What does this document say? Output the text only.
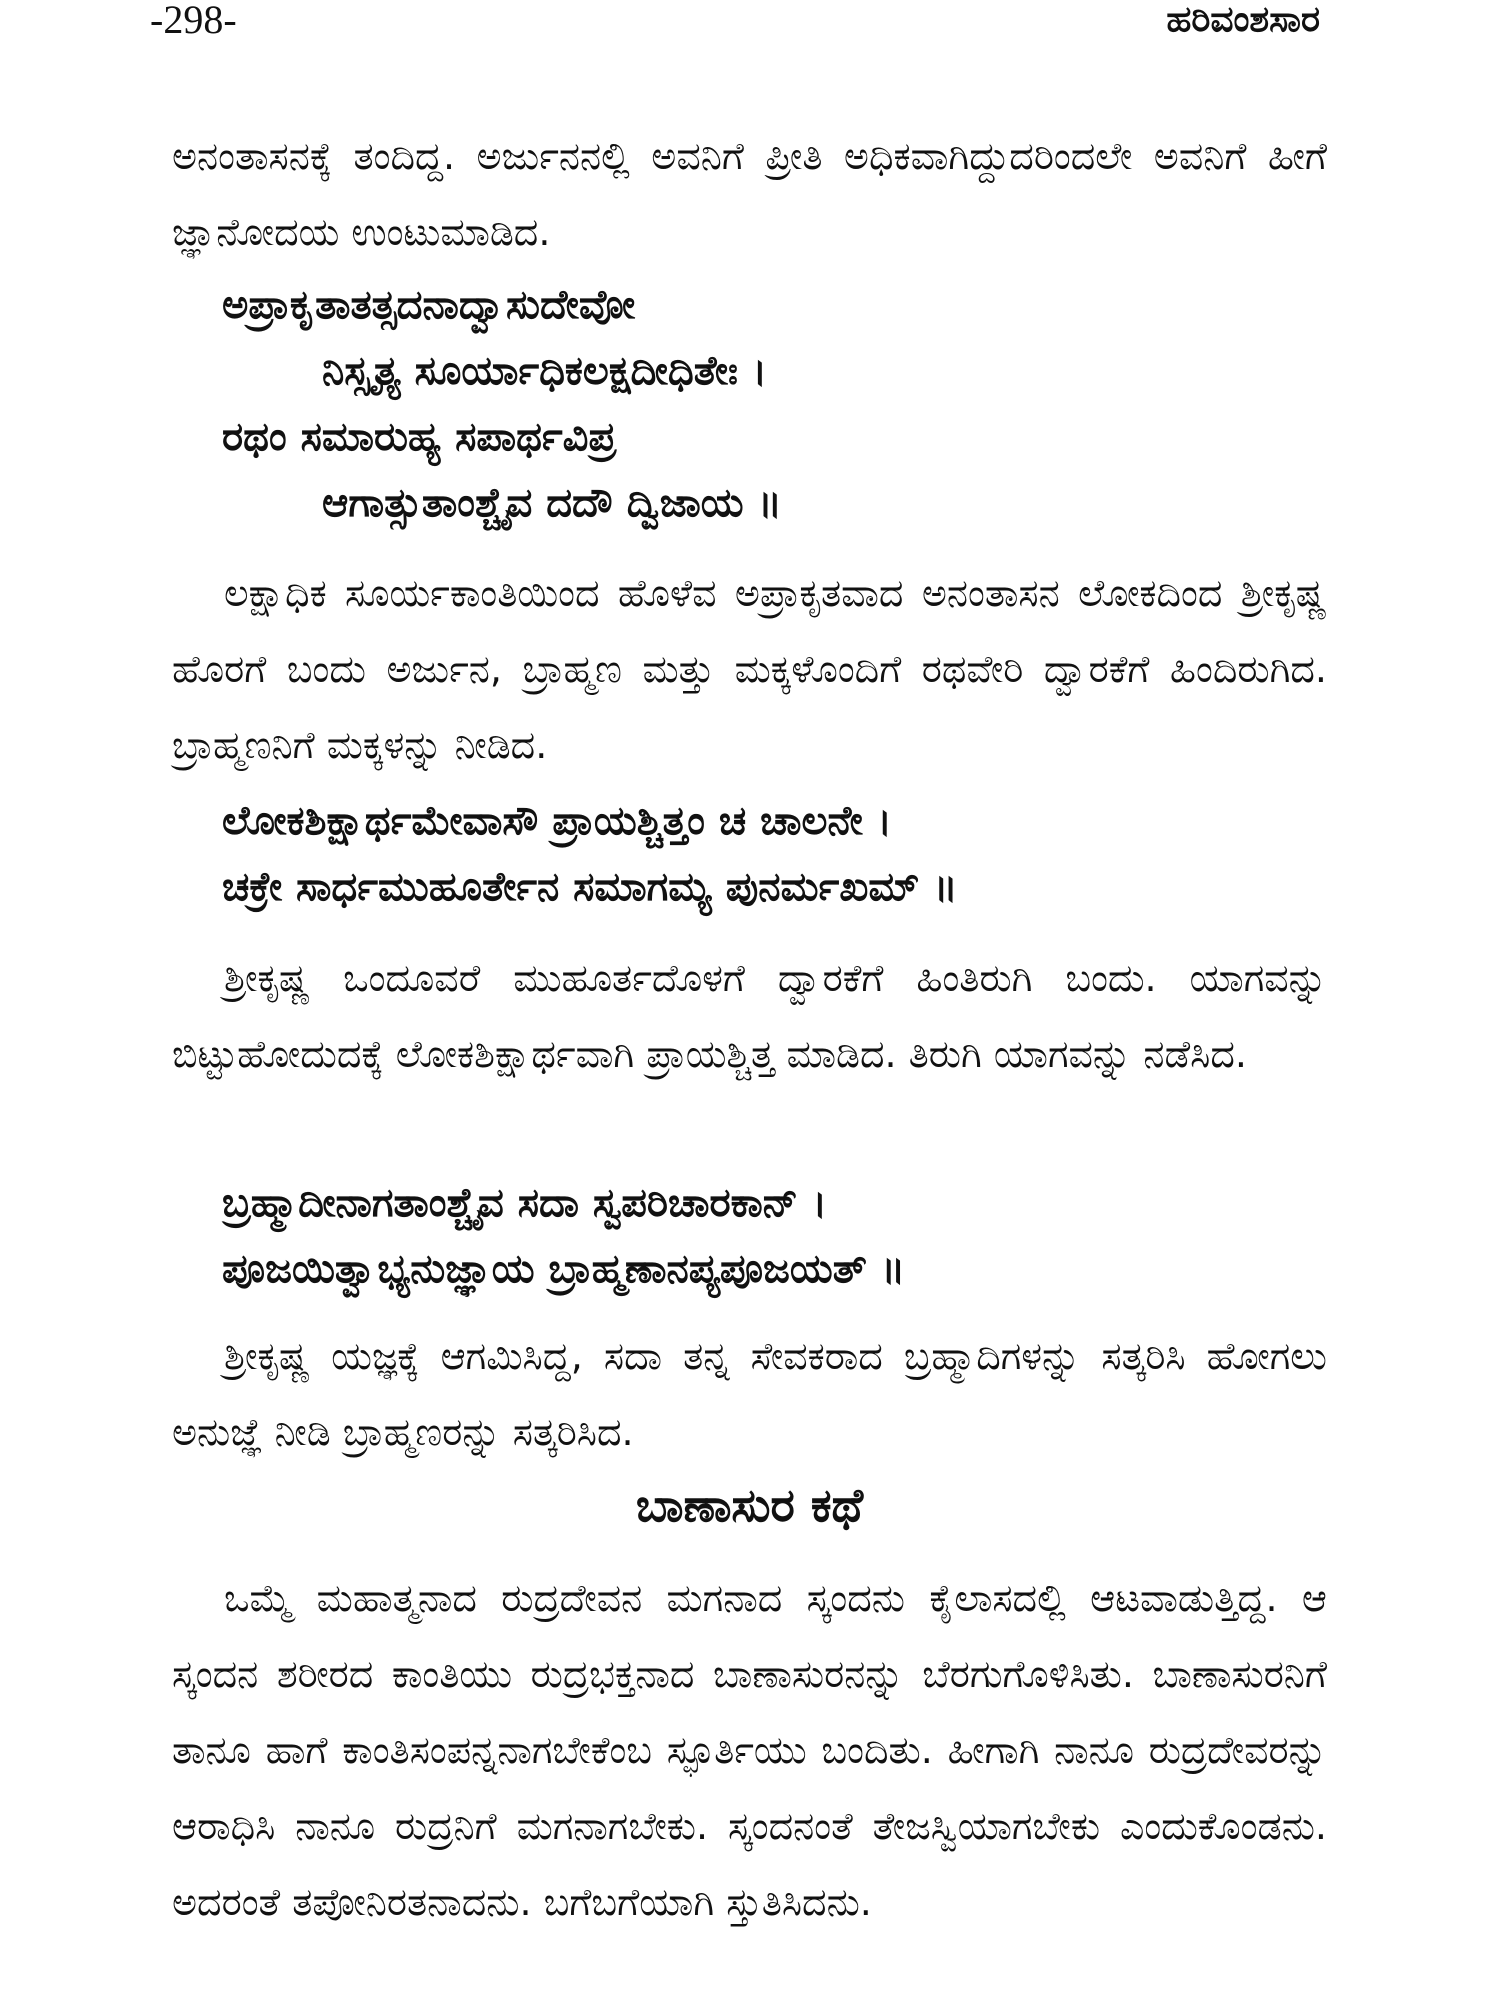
-298-	ಹರಿವಂಶಸಾರ

ಅನಂತಾಸನಕ್ಕೆ ತಂದಿದ್ದ. ಅರ್ಜುನನಲ್ಲಿ ಅವನಿಗೆ ಪ್ರೀತಿ ಅಧಿಕವಾಗಿದ್ದುದರಿಂದಲೇ ಅವನಿಗೆ ಹೀಗೆ ಜ್ಞಾನೋದಯ ಉಂಟುಮಾಡಿದ.

ಅಪ್ರಾಕೃತಾತತ್ಸದನಾದ್ವಾಸುದೇವೋ
ನಿಸ್ಸೃತ್ಯ ಸೂರ್ಯಾಧಿಕಲಕ್ಷದೀಧಿತೇಃ ।
ರಥಂ ಸಮಾರುಹ್ಯ ಸಪಾರ್ಥವಿಪ್ರ
ಆಗಾತ್ಸುತಾಂಶ್ಚೈವ ದದೌ ದ್ವಿಜಾಯ ॥

ಲಕ್ಷಾಧಿಕ ಸೂರ್ಯಕಾಂತಿಯಿಂದ ಹೊಳೆವ ಅಪ್ರಾಕೃತವಾದ ಅನಂತಾಸನ ಲೋಕದಿಂದ ಶ್ರೀಕೃಷ್ಣ ಹೊರಗೆ ಬಂದು ಅರ್ಜುನ, ಬ್ರಾಹ್ಮಣ ಮತ್ತು ಮಕ್ಕಳೊಂದಿಗೆ ರಥವೇರಿ ದ್ವಾರಕೆಗೆ ಹಿಂದಿರುಗಿದ. ಬ್ರಾಹ್ಮಣನಿಗೆ ಮಕ್ಕಳನ್ನು ನೀಡಿದ.

ಲೋಕಶಿಕ್ಷಾರ್ಥಮೇವಾಸೌ ಪ್ರಾಯಶ್ಚಿತ್ತಂ ಚ ಚಾಲನೇ ।
ಚಕ್ರೇ ಸಾರ್ಧಮುಹೂರ್ತೇನ ಸಮಾಗಮ್ಯ ಪುನರ್ಮಖಮ್ ॥

ಶ್ರೀಕೃಷ್ಣ ಒಂದೂವರೆ ಮುಹೂರ್ತದೊಳಗೆ ದ್ವಾರಕೆಗೆ ಹಿಂತಿರುಗಿ ಬಂದು. ಯಾಗವನ್ನು ಬಿಟ್ಟುಹೋದುದಕ್ಕೆ ಲೋಕಶಿಕ್ಷಾರ್ಥವಾಗಿ ಪ್ರಾಯಶ್ಚಿತ್ತ ಮಾಡಿದ. ತಿರುಗಿ ಯಾಗವನ್ನು ನಡೆಸಿದ.

ಬ್ರಹ್ಮಾದೀನಾಗತಾಂಶ್ಚೈವ ಸದಾ ಸ್ವಪರಿಚಾರಕಾನ್ ।
ಪೂಜಯಿತ್ವಾಭ್ಯನುಜ್ಞಾಯ ಬ್ರಾಹ್ಮಣಾನಪ್ಯಪೂಜಯತ್ ॥

ಶ್ರೀಕೃಷ್ಣ ಯಜ್ಞಕ್ಕೆ ಆಗಮಿಸಿದ್ದ, ಸದಾ ತನ್ನ ಸೇವಕರಾದ ಬ್ರಹ್ಮಾದಿಗಳನ್ನು ಸತ್ಕರಿಸಿ ಹೋಗಲು ಅನುಜ್ಞೆ ನೀಡಿ ಬ್ರಾಹ್ಮಣರನ್ನು ಸತ್ಕರಿಸಿದ.

ಬಾಣಾಸುರ ಕಥೆ

ಒಮ್ಮೆ ಮಹಾತ್ಮನಾದ ರುದ್ರದೇವನ ಮಗನಾದ ಸ್ಕಂದನು ಕೈಲಾಸದಲ್ಲಿ ಆಟವಾಡುತ್ತಿದ್ದ. ಆ ಸ್ಕಂದನ ಶರೀರದ ಕಾಂತಿಯು ರುದ್ರಭಕ್ತನಾದ ಬಾಣಾಸುರನನ್ನು ಬೆರಗುಗೊಳಿಸಿತು. ಬಾಣಾಸುರನಿಗೆ ತಾನೂ ಹಾಗೆ ಕಾಂತಿಸಂಪನ್ನನಾಗಬೇಕೆಂಬ ಸ್ಫೂರ್ತಿಯು ಬಂದಿತು. ಹೀಗಾಗಿ ನಾನೂ ರುದ್ರದೇವರನ್ನು ಆರಾಧಿಸಿ ನಾನೂ ರುದ್ರನಿಗೆ ಮಗನಾಗಬೇಕು. ಸ್ಕಂದನಂತೆ ತೇಜಸ್ವಿಯಾಗಬೇಕು ಎಂದುಕೊಂಡನು. ಅದರಂತೆ ತಪೋನಿರತನಾದನು. ಬಗೆಬಗೆಯಾಗಿ ಸ್ತುತಿಸಿದನು.
